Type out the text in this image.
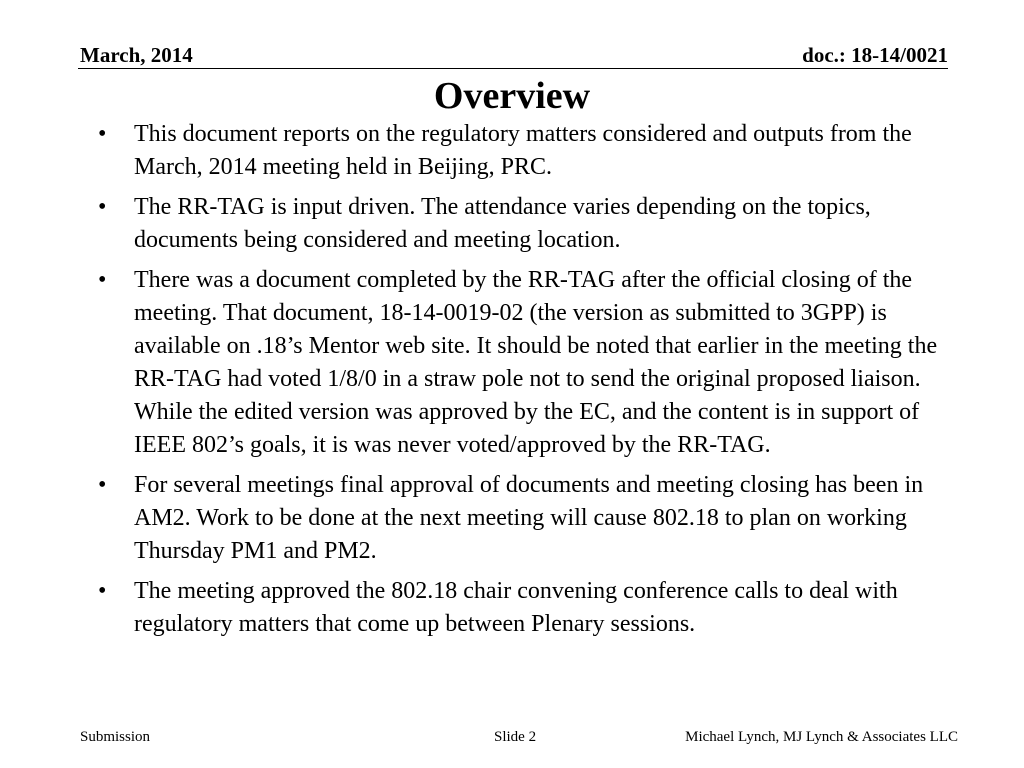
March, 2014	doc.: 18-14/0021
Overview
•	This document reports on the regulatory matters considered and outputs from the March, 2014 meeting held in Beijing, PRC.
•	The RR-TAG is input driven. The attendance varies depending on the topics, documents being considered and meeting location.
•	There was a document completed by the RR-TAG after the official closing of the meeting. That document, 18-14-0019-02 (the version as submitted to 3GPP) is available on .18’s Mentor web site. It should be noted that earlier in the meeting the RR-TAG had voted 1/8/0 in a straw pole not to send the original proposed liaison. While the edited version was approved by the EC, and the content is in support of IEEE 802’s goals, it is was never voted/approved by the RR-TAG.
•	For several meetings final approval of documents and meeting closing has been in AM2. Work to be done at the next meeting will cause 802.18 to plan on working Thursday PM1 and PM2.
•	The meeting approved the 802.18 chair convening conference calls to deal with regulatory matters that come up between Plenary sessions.
Submission	Slide 2	Michael Lynch, MJ Lynch & Associates LLC
